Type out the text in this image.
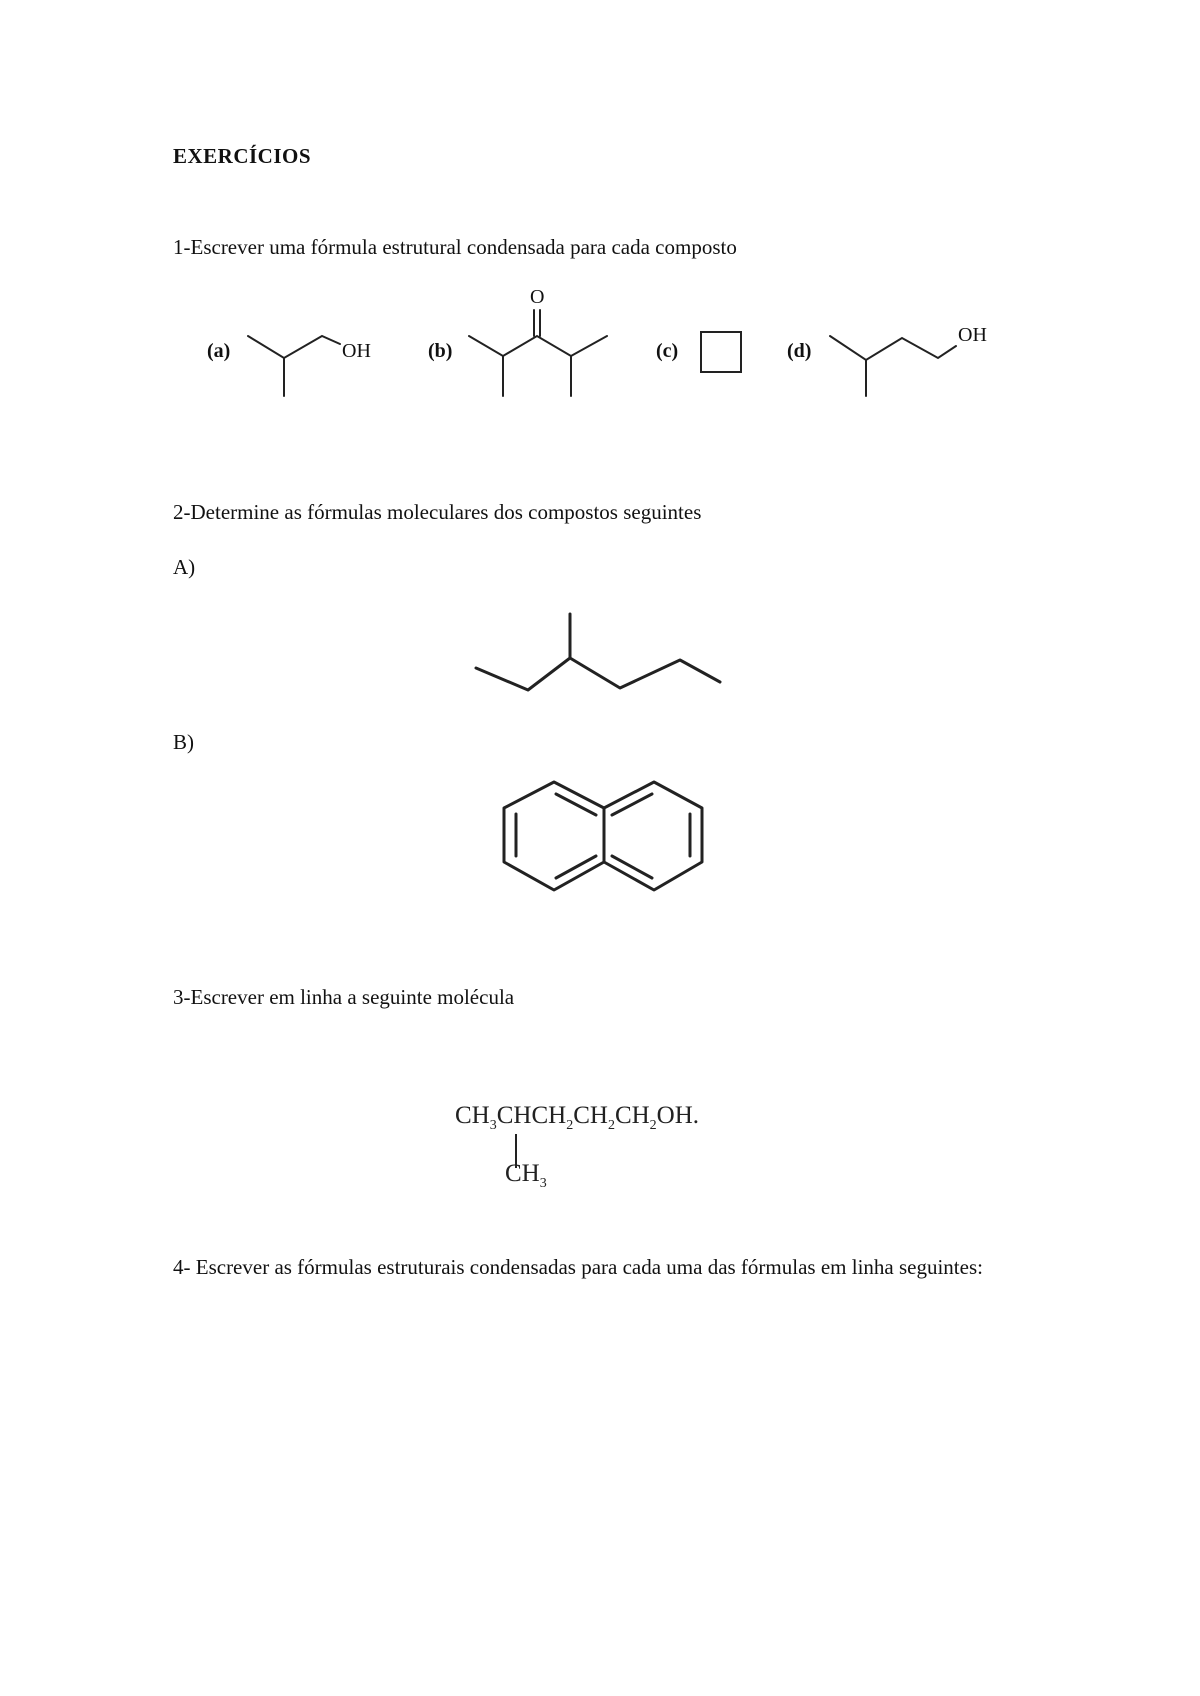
EXERCÍCIOS
1-Escrever uma fórmula estrutural condensada para cada composto
(a)	OH	(b)
O
(c)	(d)
OH
2-Determine as fórmulas moleculares dos compostos seguintes
A)
B)
3-Escrever em linha a seguinte molécula
$CH_3CHCH_2CH_2CH_2OH$.
$CH_3$
4- Escrever as fórmulas estruturais condensadas para cada uma das fórmulas em linha seguintes:
